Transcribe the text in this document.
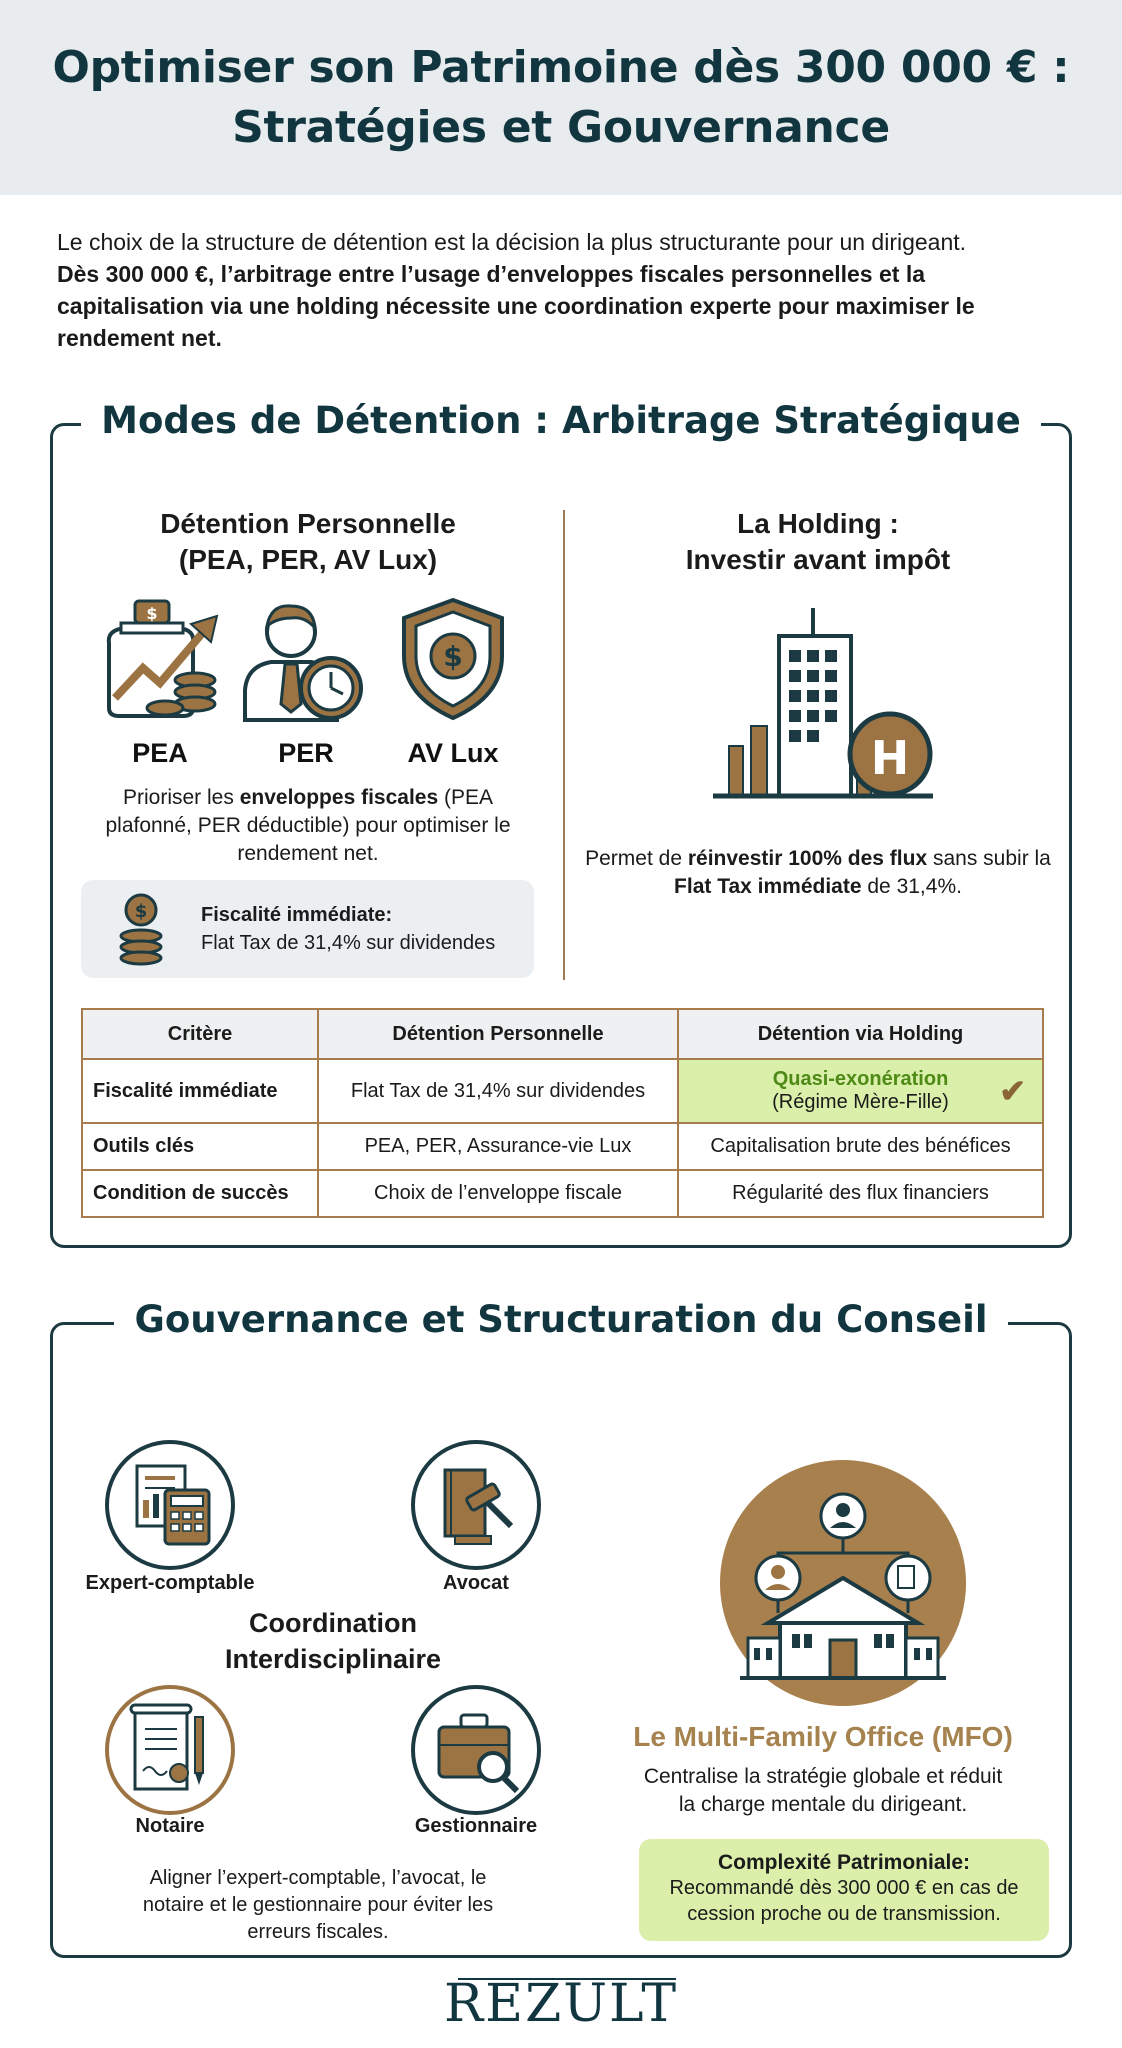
Optimiser son Patrimoine dès 300 000 € :
Stratégies et Gouvernance
Le choix de la structure de détention est la décision la plus structurante pour un dirigeant.
Dès 300 000 €, l’arbitrage entre l’usage d’enveloppes fiscales personnelles et la capitalisation via une holding nécessite une coordination experte pour maximiser le rendement net.
Modes de Détention : Arbitrage Stratégique
Détention Personnelle
(PEA, PER, AV Lux)
$
$
PEA	PER	AV Lux
Prioriser les enveloppes fiscales (PEA plafonné, PER déductible) pour optimiser le rendement net.
$	Fiscalité immédiate:
Flat Tax de 31,4% sur dividendes
La Holding :
Investir avant impôt
H
Permet de réinvestir 100% des flux sans subir la Flat Tax immédiate de 31,4%.
Critère	Détention Personnelle	Détention via Holding
Fiscalité immédiate	Flat Tax de 31,4% sur dividendes	Quasi-exonération
(Régime Mère-Fille) ✔

Outils clés	PEA, PER, Assurance-vie Lux	Capitalisation brute des bénéfices
Condition de succès	Choix de l’enveloppe fiscale	Régularité des flux financiers
Gouvernance et Structuration du Conseil
Expert-comptable	Avocat
Coordination
Interdisciplinaire
Notaire	Gestionnaire
Aligner l’expert-comptable, l’avocat, le notaire et le gestionnaire pour éviter les erreurs fiscales.
Le Multi-Family Office (MFO)
Centralise la stratégie globale et réduit la charge mentale du dirigeant.
Complexité Patrimoniale:
Recommandé dès 300 000 € en cas de cession proche ou de transmission.
REZULT
